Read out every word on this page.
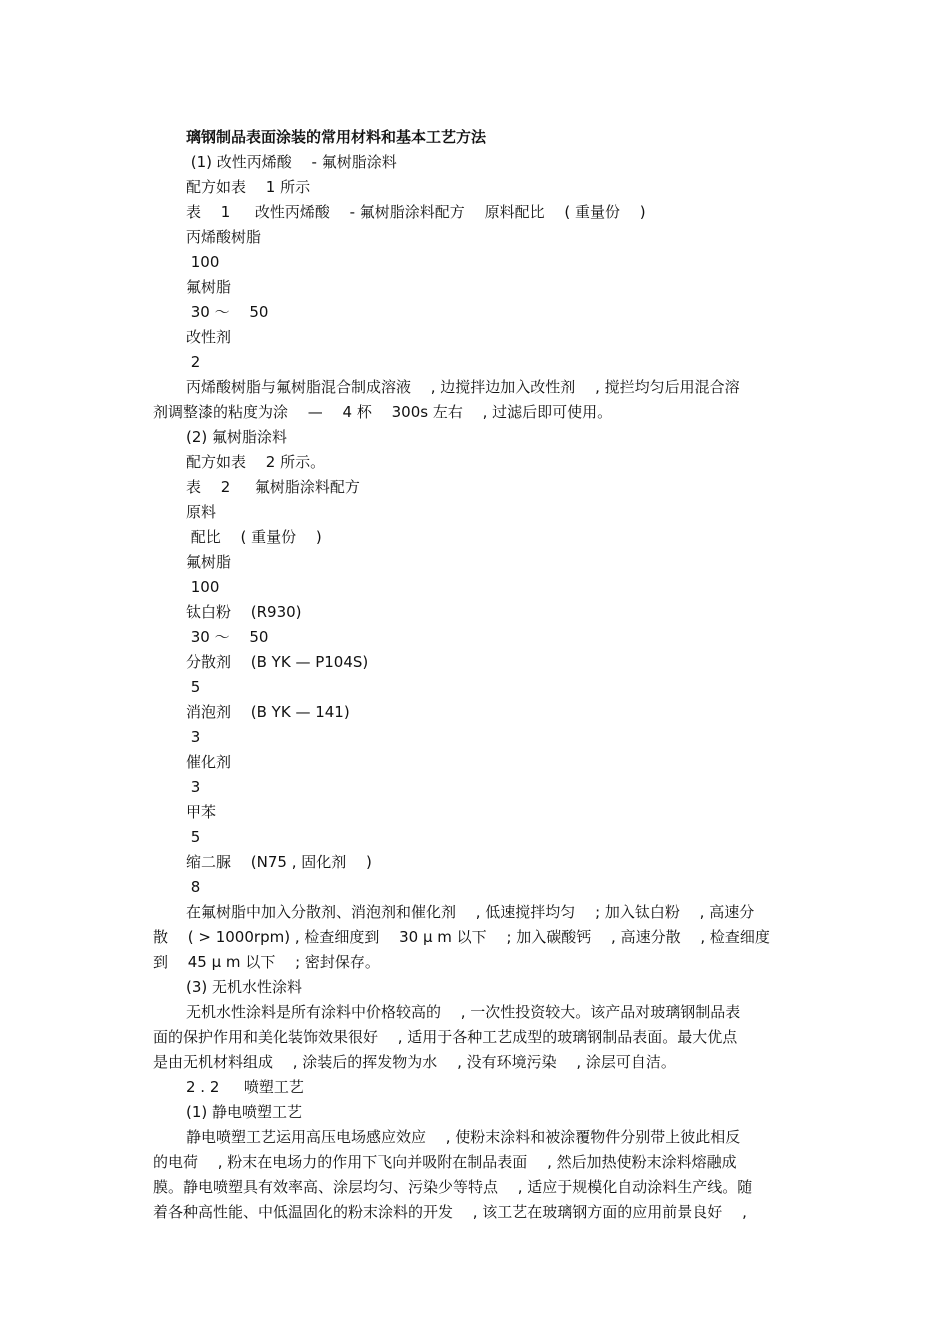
璃钢制品表面涂装的常用材料和基本工艺方法
(1) 改性丙烯酸 　- 氟树脂涂料
配方如表 　1 所示
表 　1 　 改性丙烯酸 　- 氟树脂涂料配方 　原料配比 　( 重量份 　)
丙烯酸树脂
100
氟树脂
30 ～ 　50
改性剂
2
丙烯酸树脂与氟树脂混合制成溶液 　, 边搅拌边加入改性剂 　, 搅拦均匀后用混合溶
剂调整漆的粘度为涂 　— 　4 杯 　300s 左右 　, 过滤后即可使用。
(2) 氟树脂涂料
配方如表 　2 所示。
表 　2 　 氟树脂涂料配方
原料
配比 　( 重量份 　)
氟树脂
100
钛白粉 　(R930)
30 ～ 　50
分散剂 　(B YK — P104S)
5
消泡剂 　(B YK — 141)
3
催化剂
3
甲苯
5
缩二脲 　(N75 , 固化剂 　)
8
在氟树脂中加入分散剂、消泡剂和催化剂 　, 低速搅拌均匀 　; 加入钛白粉 　, 高速分
散 　( > 1000rpm) , 检查细度到 　30 μ m 以下 　; 加入碳酸钙 　, 高速分散 　, 检查细度
到 　45 μ m 以下 　; 密封保存。
(3) 无机水性涂料
无机水性涂料是所有涂料中价格较高的 　, 一次性投资较大。该产品对玻璃钢制品表
面的保护作用和美化装饰效果很好 　, 适用于各种工艺成型的玻璃钢制品表面。最大优点
是由无机材料组成 　, 涂装后的挥发物为水 　, 没有环境污染 　, 涂层可自洁。
2 . 2 　 喷塑工艺
(1) 静电喷塑工艺
静电喷塑工艺运用高压电场感应效应 　, 使粉末涂料和被涂覆物件分别带上彼此相反
的电荷 　, 粉末在电场力的作用下飞向并吸附在制品表面 　, 然后加热使粉末涂料熔融成
膜。静电喷塑具有效率高、涂层均匀、污染少等特点 　, 适应于规模化自动涂料生产线。随
着各种高性能、中低温固化的粉末涂料的开发 　, 该工艺在玻璃钢方面的应用前景良好 　,
